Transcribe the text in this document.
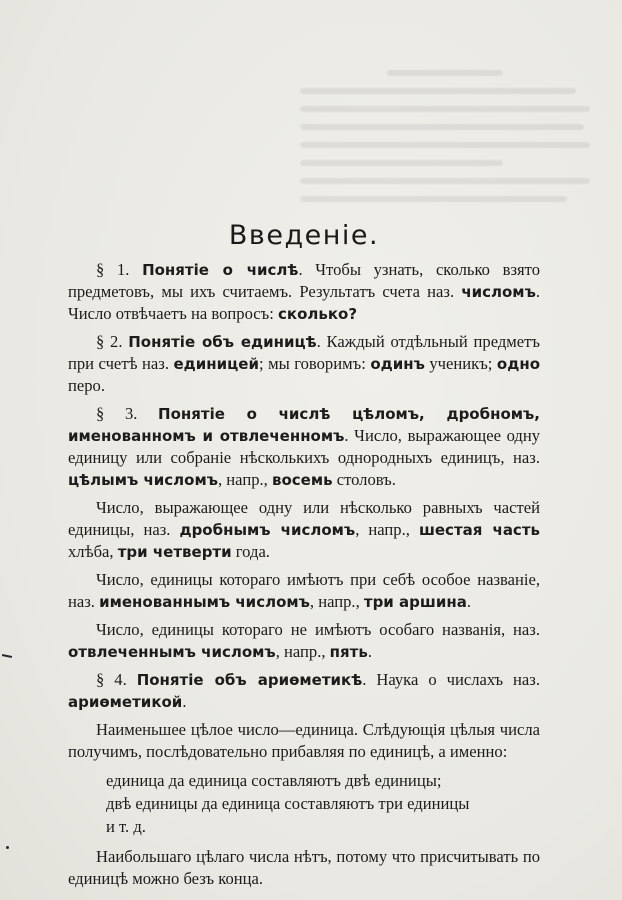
Введеніе.

§ 1. Понятіе о числѣ. Чтобы узнать, сколько взято предметовъ, мы ихъ считаемъ. Результатъ счета наз. числомъ. Число отвѣчаетъ на вопросъ: сколько?

§ 2. Понятіе объ единицѣ. Каждый отдѣльный предметъ при счетѣ наз. единицей; мы говоримъ: одинъ ученикъ; одно перо.

§ 3. Понятіе о числѣ цѣломъ, дробномъ, именованномъ и отвлеченномъ. Число, выражающее одну единицу или собраніе нѣсколькихъ однородныхъ единицъ, наз. цѣлымъ числомъ, напр., восемь столовъ.

Число, выражающее одну или нѣсколько равныхъ частей единицы, наз. дробнымъ числомъ, напр., шестая часть хлѣба, три четверти года.

Число, единицы котораго имѣютъ при себѣ особое названіе, наз. именованнымъ числомъ, напр., три аршина.

Число, единицы котораго не имѣютъ особаго названія, наз. отвлеченнымъ числомъ, напр., пять.

§ 4. Понятіе объ ариѳметикѣ. Наука о числахъ наз. ариѳметикой.

Наименьшее цѣлое число—единица. Слѣдующія цѣлыя числа получимъ, послѣдовательно прибавляя по единицѣ, а именно:

единица да единица составляютъ двѣ единицы;
двѣ единицы да единица составляютъ три единицы
и т. д.

Наибольшаго цѣлаго числа нѣтъ, потому что присчитывать по единицѣ можно безъ конца.
